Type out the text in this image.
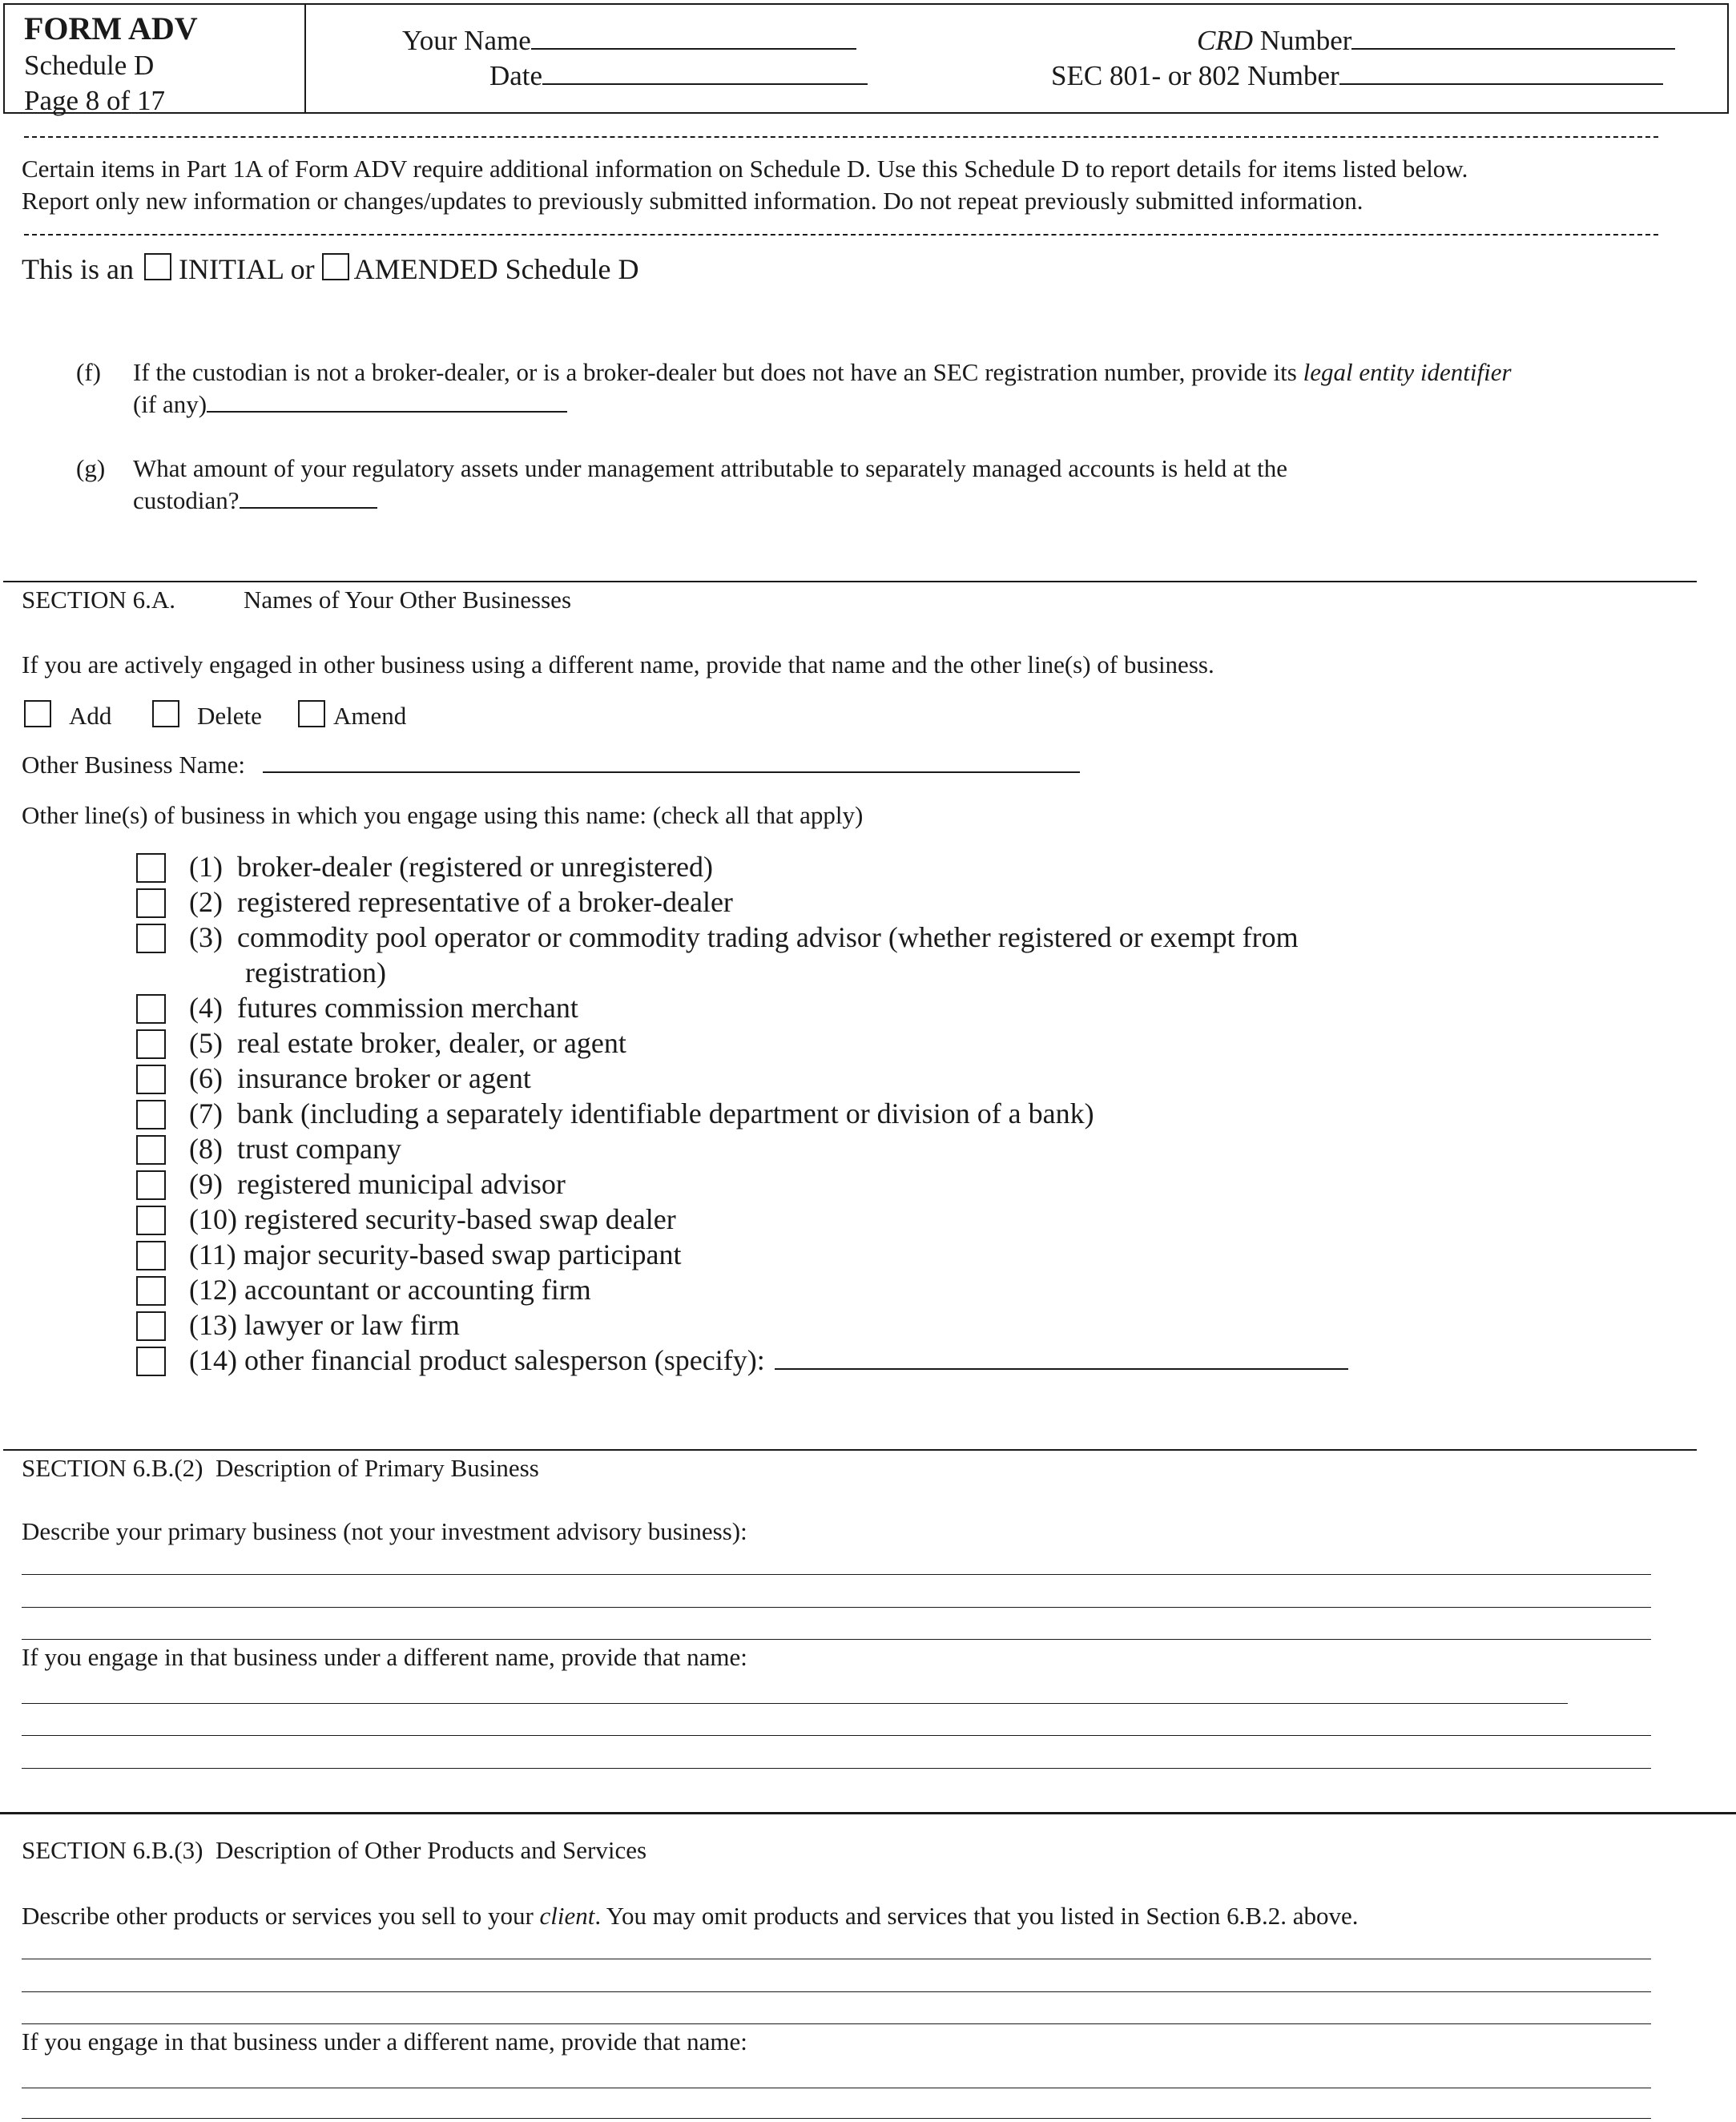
FORM ADV
Schedule D
Page 8 of 17
Your Name
Date
CRD Number
SEC 801- or 802 Number
Certain items in Part 1A of Form ADV require additional information on Schedule D. Use this Schedule D to report details for items listed below.
Report only new information or changes/updates to previously submitted information. Do not repeat previously submitted information.
This is an  INITIAL or AMENDED Schedule D
(f) If the custodian is not a broker-dealer, or is a broker-dealer but does not have an SEC registration number, provide its legal entity identifier
(if any)
(g) What amount of your regulatory assets under management attributable to separately managed accounts is held at the
custodian?
SECTION 6.A.	Names of Your Other Businesses
If you are actively engaged in other business using a different name, provide that name and the other line(s) of business.
Add	Delete	Amend
Other Business Name:
Other line(s) of business in which you engage using this name: (check all that apply)
(1) broker-dealer (registered or unregistered)
(2) registered representative of a broker-dealer
(3) commodity pool operator or commodity trading advisor (whether registered or exempt from
registration)
(4) futures commission merchant
(5) real estate broker, dealer, or agent
(6) insurance broker or agent
(7) bank (including a separately identifiable department or division of a bank)
(8) trust company
(9) registered municipal advisor
(10) registered security-based swap dealer
(11) major security-based swap participant
(12) accountant or accounting firm
(13) lawyer or law firm
(14) other financial product salesperson (specify):
SECTION 6.B.(2) Description of Primary Business
Describe your primary business (not your investment advisory business):
If you engage in that business under a different name, provide that name:
SECTION 6.B.(3) Description of Other Products and Services
Describe other products or services you sell to your client. You may omit products and services that you listed in Section 6.B.2. above.
If you engage in that business under a different name, provide that name:
